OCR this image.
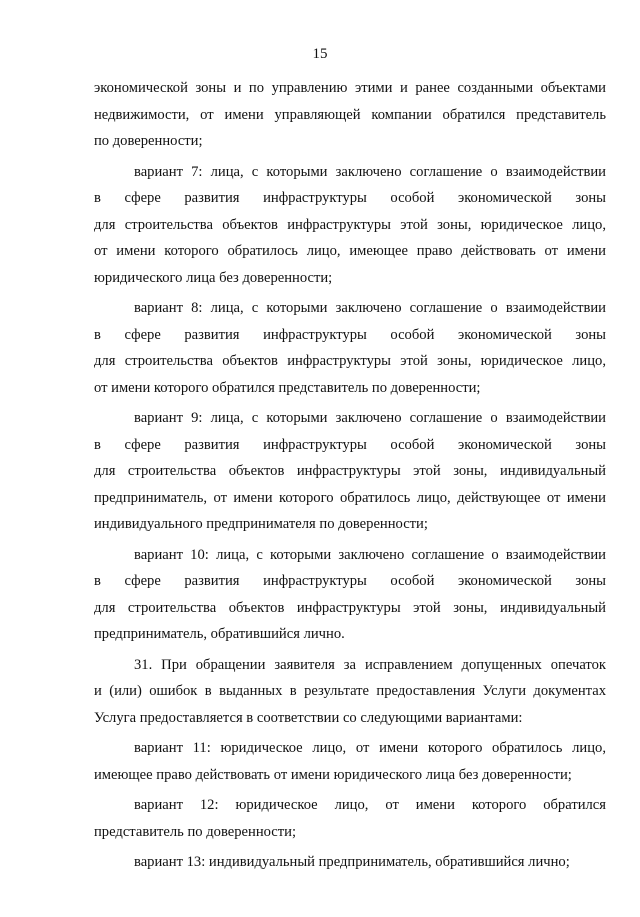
15
экономической зоны и по управлению этими и ранее созданными объектами
недвижимости, от имени управляющей компании обратился представитель
по доверенности;
вариант 7: лица, с которыми заключено соглашение о взаимодействии
в сфере развития инфраструктуры особой экономической зоны
для строительства объектов инфраструктуры этой зоны, юридическое лицо,
от имени которого обратилось лицо, имеющее право действовать от имени
юридического лица без доверенности;
вариант 8: лица, с которыми заключено соглашение о взаимодействии
в сфере развития инфраструктуры особой экономической зоны
для строительства объектов инфраструктуры этой зоны, юридическое лицо,
от имени которого обратился представитель по доверенности;
вариант 9: лица, с которыми заключено соглашение о взаимодействии
в сфере развития инфраструктуры особой экономической зоны
для строительства объектов инфраструктуры этой зоны, индивидуальный
предприниматель, от имени которого обратилось лицо, действующее от имени
индивидуального предпринимателя по доверенности;
вариант 10: лица, с которыми заключено соглашение о взаимодействии
в сфере развития инфраструктуры особой экономической зоны
для строительства объектов инфраструктуры этой зоны, индивидуальный
предприниматель, обратившийся лично.
31. При обращении заявителя за исправлением допущенных опечаток
и (или) ошибок в выданных в результате предоставления Услуги документах
Услуга предоставляется в соответствии со следующими вариантами:
вариант 11: юридическое лицо, от имени которого обратилось лицо,
имеющее право действовать от имени юридического лица без доверенности;
вариант 12: юридическое лицо, от имени которого обратился
представитель по доверенности;
вариант 13: индивидуальный предприниматель, обратившийся лично;
